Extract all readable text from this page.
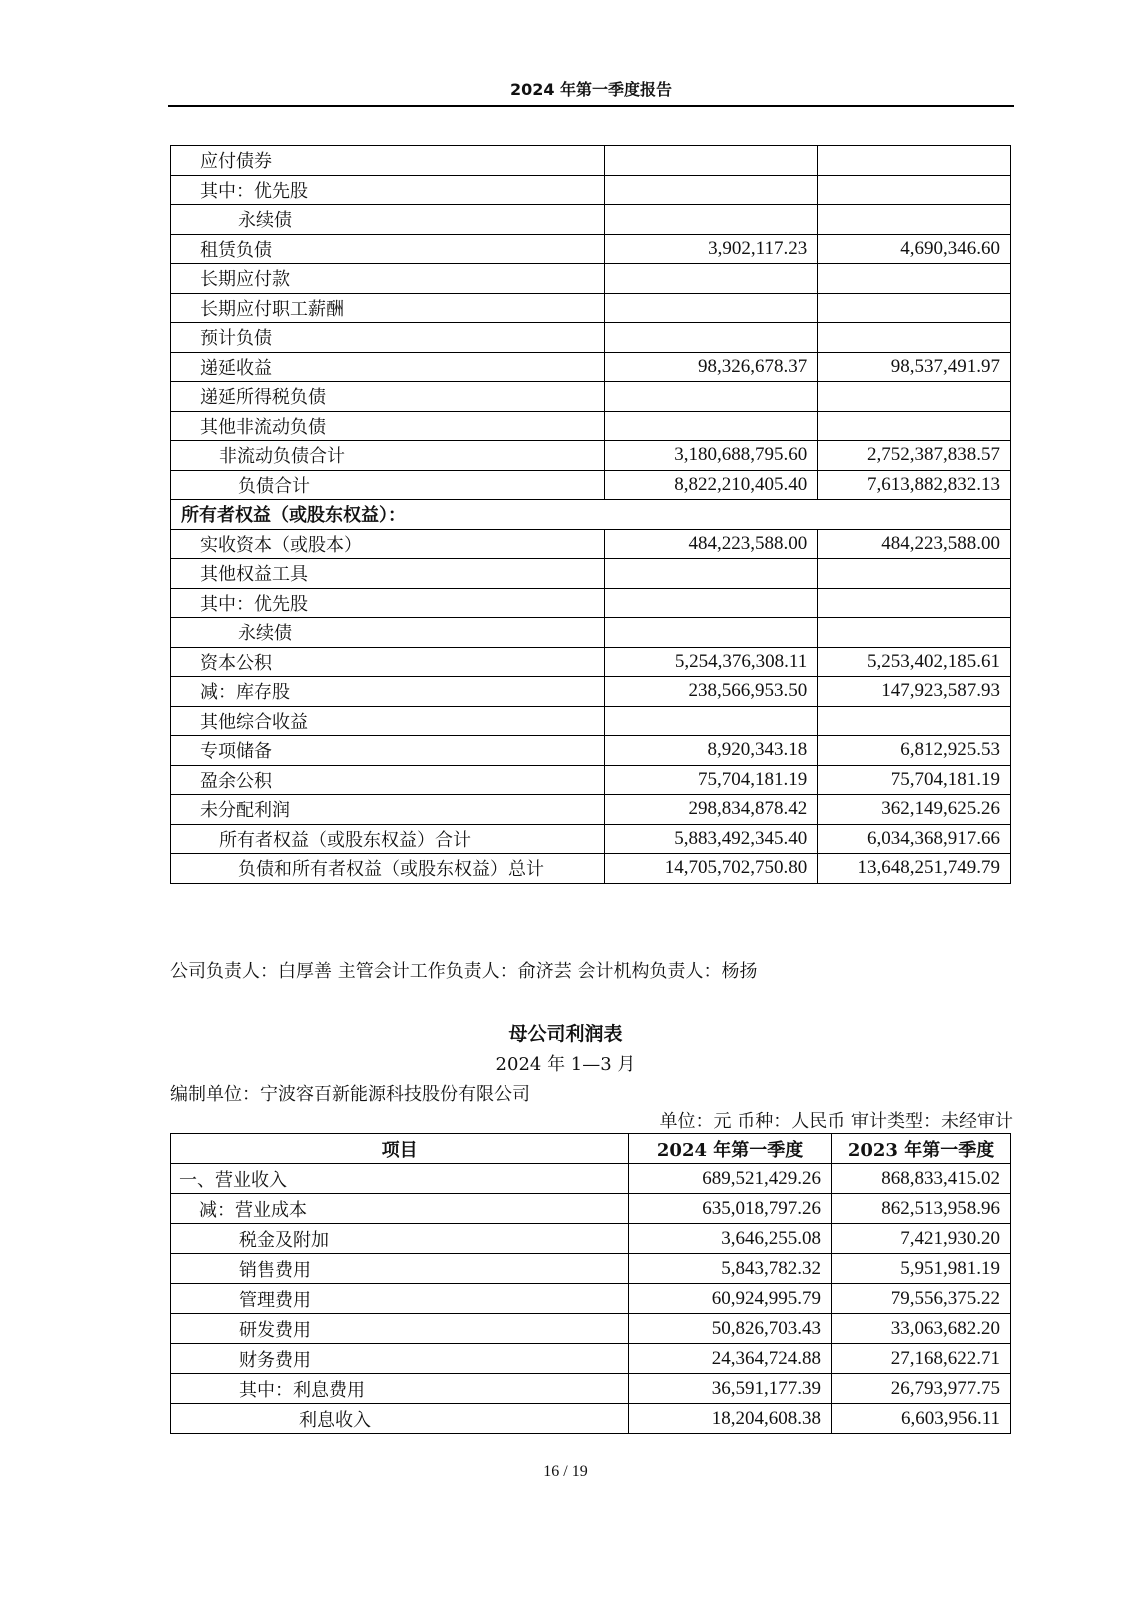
2024 年第一季度报告
应付债券		
其中：优先股		
永续债		
租赁负债	3,902,117.23	4,690,346.60
长期应付款		
长期应付职工薪酬		
预计负债		
递延收益	98,326,678.37	98,537,491.97
递延所得税负债		
其他非流动负债		
非流动负债合计	3,180,688,795.60	2,752,387,838.57
负债合计	8,822,210,405.40	7,613,882,832.13
所有者权益（或股东权益）：		
实收资本（或股本）	484,223,588.00	484,223,588.00
其他权益工具		
其中：优先股		
永续债		
资本公积	5,254,376,308.11	5,253,402,185.61
减：库存股	238,566,953.50	147,923,587.93
其他综合收益		
专项储备	8,920,343.18	6,812,925.53
盈余公积	75,704,181.19	75,704,181.19
未分配利润	298,834,878.42	362,149,625.26
所有者权益（或股东权益）合计	5,883,492,345.40	6,034,368,917.66
负债和所有者权益（或股东权益）总计	14,705,702,750.80	13,648,251,749.79
公司负责人：白厚善 主管会计工作负责人：俞济芸 会计机构负责人：杨扬
母公司利润表
2024 年 1—3 月
编制单位：宁波容百新能源科技股份有限公司
单位：元 币种：人民币 审计类型：未经审计
项目	2024 年第一季度	2023 年第一季度
一、营业收入	689,521,429.26	868,833,415.02
减：营业成本	635,018,797.26	862,513,958.96
税金及附加	3,646,255.08	7,421,930.20
销售费用	5,843,782.32	5,951,981.19
管理费用	60,924,995.79	79,556,375.22
研发费用	50,826,703.43	33,063,682.20
财务费用	24,364,724.88	27,168,622.71
其中：利息费用	36,591,177.39	26,793,977.75
利息收入	18,204,608.38	6,603,956.11
16 / 19
